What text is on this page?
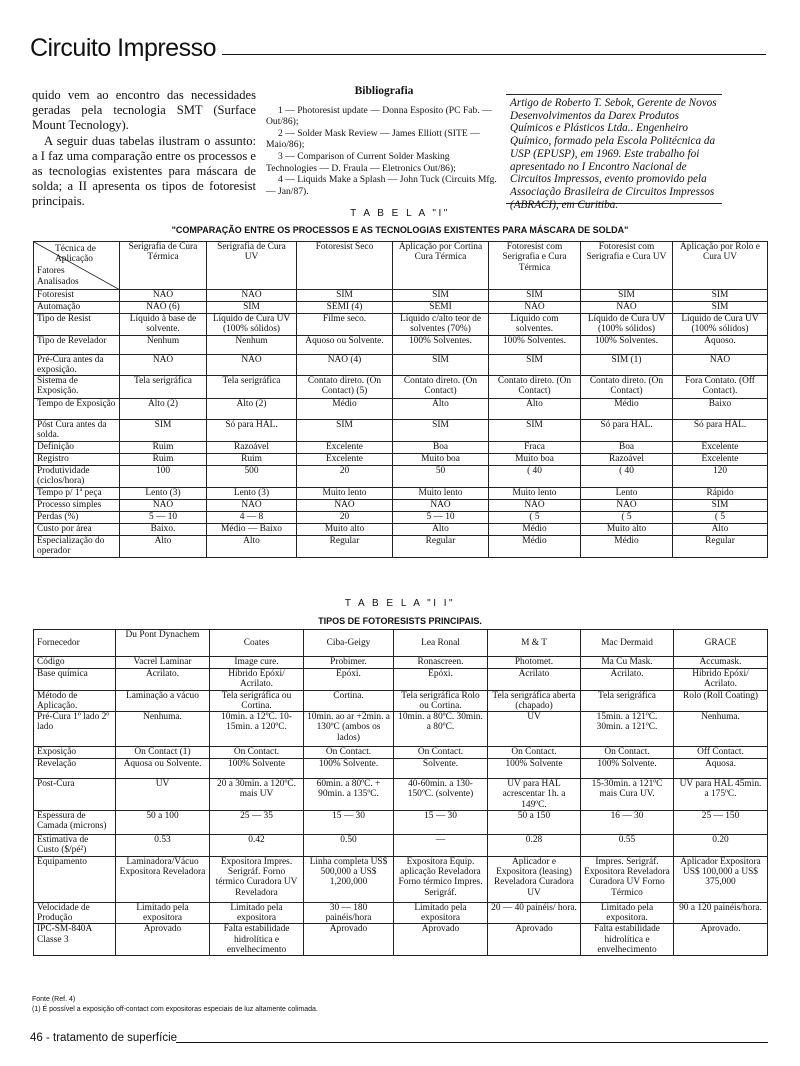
Circuito Impresso

quido vem ao encontro das necessidades geradas pela tecnologia SMT (Surface Mount Tecnology).

A seguir duas tabelas ilustram o assunto: a I faz uma comparação entre os processos e as tecnologias existentes para máscara de solda; a II apresenta os tipos de fotoresist principais.

Bibliografia

1 — Photoresist update — Donna Esposito (PC Fab. — Out/86);

2 — Solder Mask Review — James Elliott (SITE — Maio/86);

3 — Comparison of Current Solder Masking Technologies — D. Fraula — Eletronics Out/86);

4 — Liquids Make a Splash — John Tuck (Circuits Mfg. — Jan/87).

Artigo de Roberto T. Sebok, Gerente de Novos Desenvolvimentos da Darex Produtos Químicos e Plásticos Ltda.. Engenheiro Químico, formado pela Escola Politécnica da USP (EPUSP), em 1969. Este trabalho foi apresentado no I Encontro Nacional de Circuitos Impressos, evento promovido pela Associação Brasileira de Circuitos Impressos (ABRACI), em Curitiba.
T A B E L A "I"
"COMPARAÇÃO ENTRE OS PROCESSOS E AS TECNOLOGIAS EXISTENTES PARA MÁSCARA DE SOLDA"
Técnica de Aplicação
Fatores Analisados	Serigrafia de Cura Térmica	Serigrafia de Cura UV	Fotoresist Seco	Aplicação por Cortina Cura Térmica	Fotoresist com Serigrafia e Cura Térmica	Fotoresist com Serigrafia e Cura UV	Aplicação por Rolo e Cura UV
Fotoresist	NÃO	NÃO	SIM	SIM	SIM	SIM	SIM
Automação	NÃO (6)	SIM	SEMI (4)	SEMI	NÃO	NÃO	SIM
Tipo de Resist	Líquido à base de solvente.	Líquido de Cura UV (100% sólidos)	Filme seco.	Líquido c/alto teor de solventes (70%)	Líquido com solventes.	Líquido de Cura UV (100% sólidos)	Líquido de Cura UV (100% sólidos)
Tipo de Revelador	Nenhum	Nenhum	Aquoso ou Solvente.	100% Solventes.	100% Solventes.	100% Solventes.	Aquoso.
Pré-Cura antes da exposição.	NÃO	NÃO	NÃO (4)	SIM	SIM	SIM (1)	NÃO
Sistema de Exposição.	Tela serigráfica	Tela serigráfica	Contato direto. (On Contact) (5)	Contato direto. (On Contact)	Contato direto. (On Contact)	Contato direto. (On Contact)	Fora Contato. (Off Contact).
Tempo de Exposição	Alto (2)	Alto (2)	Médio	Alto	Alto	Médio	Baixo
Póst Cura antes da solda.	SIM	Só para HAL.	SIM	SIM	SIM	Só para HAL.	Só para HAL.
Definição	Ruim	Razoável	Excelente	Boa	Fraca	Boa	Excelente
Registro	Ruim	Ruim	Excelente	Muito boa	Muito boa	Razoável	Excelente
Produtividade (ciclos/hora)	100	500	20	50	( 40	( 40	120
Tempo p/ 1ª peça	Lento (3)	Lento (3)	Muito lento	Muito lento	Muito lento	Lento	Rápido
Processo simples	NÃO	NÃO	NÃO	NÃO	NÃO	NÃO	SIM
Perdas (%)	5 — 10	4 — 8	20	5 — 10	( 5	( 5	( 5
Custo por área	Baixo.	Médio — Baixo	Muito alto	Alto	Médio	Muito alto	Alto
Especialização do operador	Alto	Alto	Regular	Regular	Médio	Médio	Regular
T A B E L A "I I"
TIPOS DE FOTORESISTS PRINCIPAIS.
Fornecedor	Du Pont Dynachem	Coates	Ciba-Geigy	Lea Ronal	M & T	Mac Dermaid	GRACE
Código	Vacrel Laminar	Image cure.	Probimer.	Ronascreen.	Photomet.	Ma Cu Mask.	Accumask.
Base química	Acrilato.	Híbrido Epóxi/ Acrilato.	Epóxi.	Epóxi.	Acrilato	Acrilato.	Híbrido Epóxi/ Acrilato.
Método de Aplicação.	Laminação a vácuo	Tela serigráfica ou Cortina.	Cortina.	Tela serigráfica Rolo ou Cortina.	Tela serigráfica aberta (chapado)	Tela serigráfica	Rolo (Roll Coating)
Pré-Cura 1º lado 2º lado	Nenhuma.	10min. a 12ºC. 10-15min. a 120ºC.	10min. ao ar +2min. a 130ºC (ambos os lados)	10min. a 80ºC. 30min. a 80ºC.	UV	15min. a 121ºC. 30min. a 121ºC.	Nenhuma.
Exposição	On Contact (1)	On Contact.	On Contact.	On Contact.	On Contact.	On Contact.	Off Contact.
Revelação	Aquosa ou Solvente.	100% Solvente	100% Solvente.	Solvente.	100% Solvente	100% Solvente.	Aquosa.
Post-Cura	UV	20 a 30min. a 120ºC. mais UV	60min. a 80ºC. + 90min. a 135ºC.	40-60min. a 130-150ºC. (solvente)	UV para HAL acrescentar 1h. a 149ºC.	15-30min. a 121ºC mais Cura UV.	UV para HAL 45min. a 175ºC.
Espessura de Camada (microns)	50 a 100	25 — 35	15 — 30	15 — 30	50 a 150	16 — 30	25 — 150
Estimativa de Custo ($/pé²)	0.53	0.42	0.50	—	0.28	0.55	0.20
Equipamento	Laminadora/Vácuo Expositora Reveladora	Expositora Impres. Serigráf. Forno térmico Curadora UV Reveladora	Linha completa US$ 500,000 a US$ 1,200,000	Expositora Equip. aplicação Reveladora Forno térmico Impres. Serigráf.	Aplicador e Expositora (leasing) Reveladora Curadora UV	Impres. Serigráf. Expositora Reveladora Curadora UV Forno Térmico	Aplicador Expositora US$ 100,000 a US$ 375,000
Velocidade de Produção	Limitado pela expositora	Limitado pela expositora	30 — 180 painéis/hora	Limitado pela expositora	20 — 40 painéis/ hora.	Limitado pela expositora.	90 a 120 painéis/hora.
IPC-SM-840A Classe 3	Aprovado	Falta estabilidade hidrolítica e envelhecimento	Aprovado	Aprovado	Aprovado	Falta estabilidade hidrolítica e envelhecimento	Aprovado.
Fonte (Ref. 4)
(1) É possível a exposição off-contact com expositoras especiais de luz altamente colimada.
46 - tratamento de superfície
